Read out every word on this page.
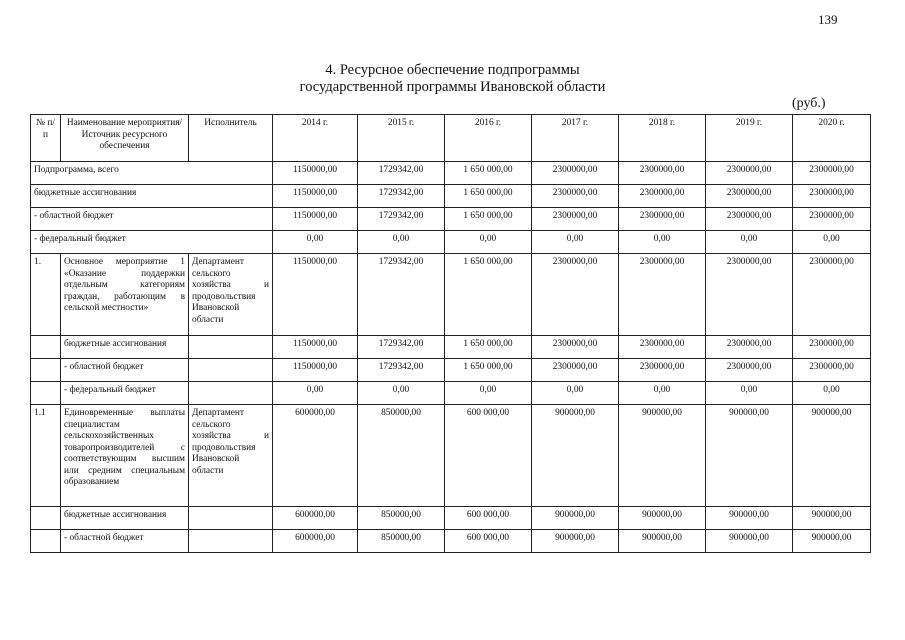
139
4. Ресурсное обеспечение подпрограммы
государственной программы Ивановской области
(руб.)
№ п/п	Наименование мероприятия/Источник ресурсного обеспечения	Исполнитель	2014 г.	2015 г.	2016 г.	2017 г.	2018 г.	2019 г.	2020 г.
Подпрограмма, всего			1150000,00	1729342,00	1 650 000,00	2300000,00	2300000,00	2300000,00	2300000,00
бюджетные ассигнования			1150000,00	1729342,00	1 650 000,00	2300000,00	2300000,00	2300000,00	2300000,00
- областной бюджет			1150000,00	1729342,00	1 650 000,00	2300000,00	2300000,00	2300000,00	2300000,00
- федеральный бюджет			0,00	0,00	0,00	0,00	0,00	0,00	0,00
1.	Основное мероприятие 1 «Оказание поддержки отдельным категориям граждан, работающим в сельской местности»	Департамент сельского хозяйства и продовольствия Ивановской области	1150000,00	1729342,00	1 650 000,00	2300000,00	2300000,00	2300000,00	2300000,00
	бюджетные ассигнования		1150000,00	1729342,00	1 650 000,00	2300000,00	2300000,00	2300000,00	2300000,00
	- областной бюджет		1150000,00	1729342,00	1 650 000,00	2300000,00	2300000,00	2300000,00	2300000,00
	- федеральный бюджет		0,00	0,00	0,00	0,00	0,00	0,00	0,00
1.1	Единовременные выплаты специалистам сельскохозяйственных товаропроизводителей с соответствующим высшим или средним специальным образованием	Департамент сельского хозяйства и продовольствия Ивановской области	600000,00	850000,00	600 000,00	900000,00	900000,00	900000,00	900000,00
	бюджетные ассигнования		600000,00	850000,00	600 000,00	900000,00	900000,00	900000,00	900000,00
	- областной бюджет		600000,00	850000,00	600 000,00	900000,00	900000,00	900000,00	900000,00
